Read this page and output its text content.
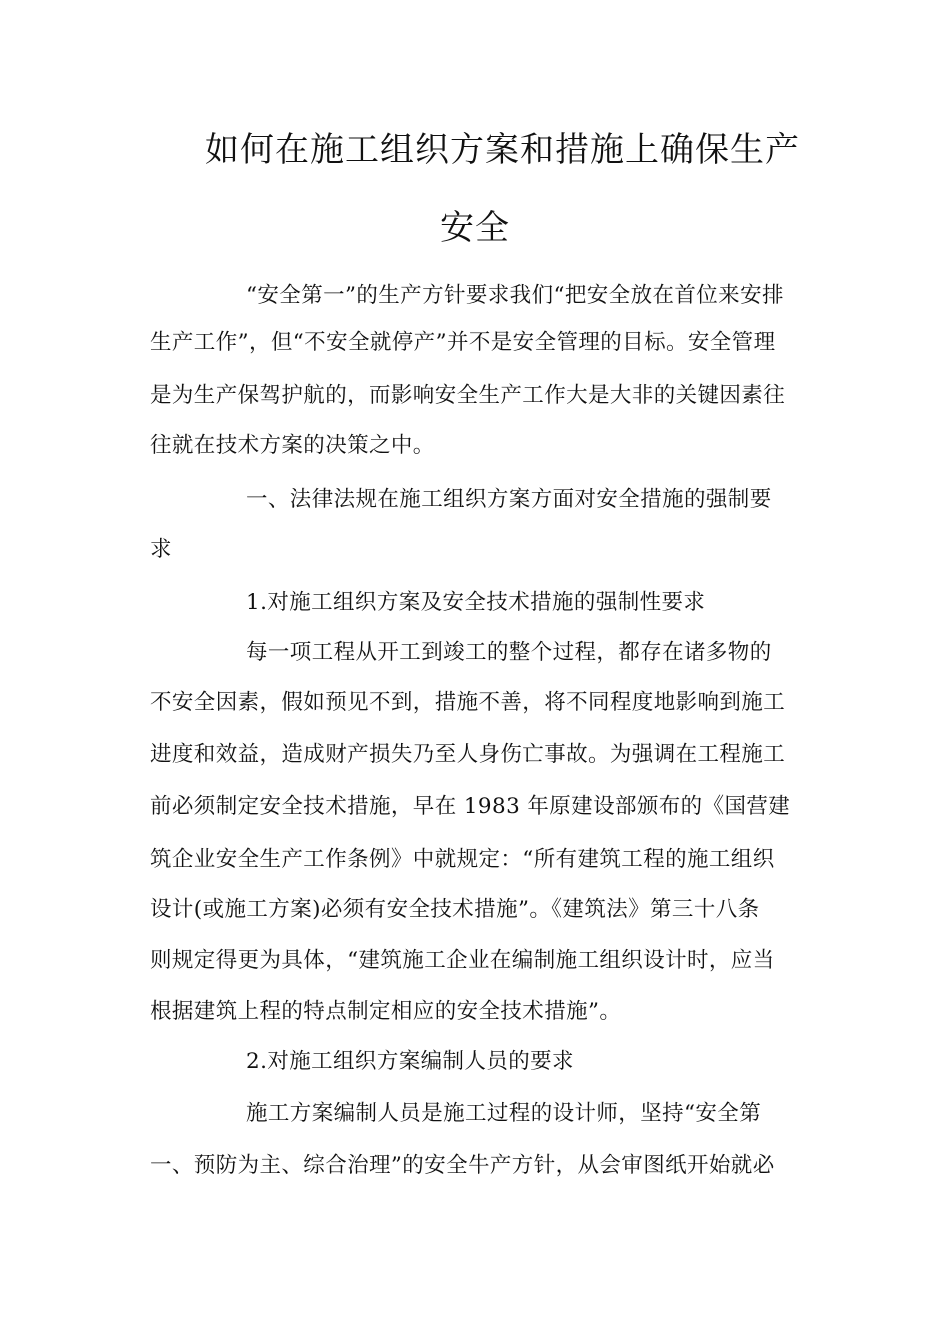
如何在施工组织方案和措施上确保生产
安全
“安全第一”的生产方针要求我们“把安全放在首位来安排
生产工作”，但“不安全就停产”并不是安全管理的目标。安全管理
是为生产保驾护航的，而影响安全生产工作大是大非的关键因素往
往就在技术方案的决策之中。
一、法律法规在施工组织方案方面对安全措施的强制要
求
1.对施工组织方案及安全技术措施的强制性要求
每一项工程从开工到竣工的整个过程，都存在诸多物的
不安全因素，假如预见不到，措施不善，将不同程度地影响到施工
进度和效益，造成财产损失乃至人身伤亡事故。为强调在工程施工
前必须制定安全技术措施，早在 1983 年原建设部颁布的《国营建
筑企业安全生产工作条例》中就规定：“所有建筑工程的施工组织
设计(或施工方案)必须有安全技术措施”。《建筑法》第三十八条
则规定得更为具体，“建筑施工企业在编制施工组织设计时，应当
根据建筑上程的特点制定相应的安全技术措施”。
2.对施工组织方案编制人员的要求
施工方案编制人员是施工过程的设计师，坚持“安全第
一、预防为主、综合治理”的安全牛产方针，从会审图纸开始就必
